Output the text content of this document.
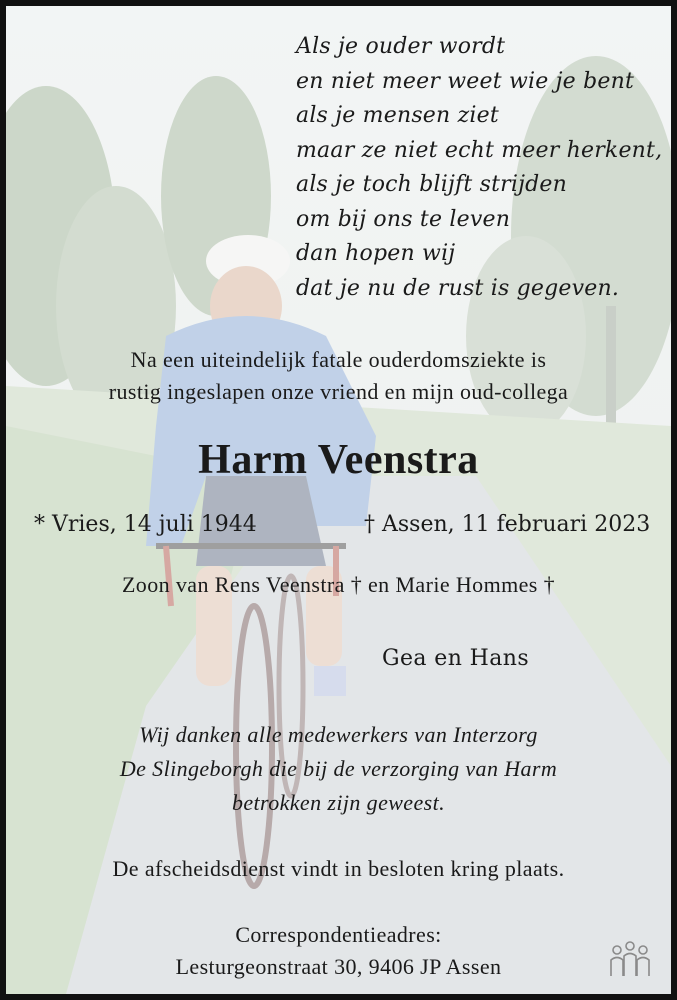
Als je ouder wordt
en niet meer weet wie je bent
als je mensen ziet
maar ze niet echt meer herkent,
als je toch blijft strijden
om bij ons te leven
dan hopen wij
dat je nu de rust is gegeven.
Na een uiteindelijk fatale ouderdomsziekte is
rustig ingeslapen onze vriend en mijn oud-collega
Harm Veenstra
* Vries, 14 juli 1944	† Assen, 11 februari 2023
Zoon van Rens Veenstra † en Marie Hommes †
Gea en Hans
Wij danken alle medewerkers van Interzorg
De Slingeborgh die bij de verzorging van Harm
betrokken zijn geweest.
De afscheidsdienst vindt in besloten kring plaats.
Correspondentieadres:
Lesturgeonstraat 30, 9406 JP Assen
